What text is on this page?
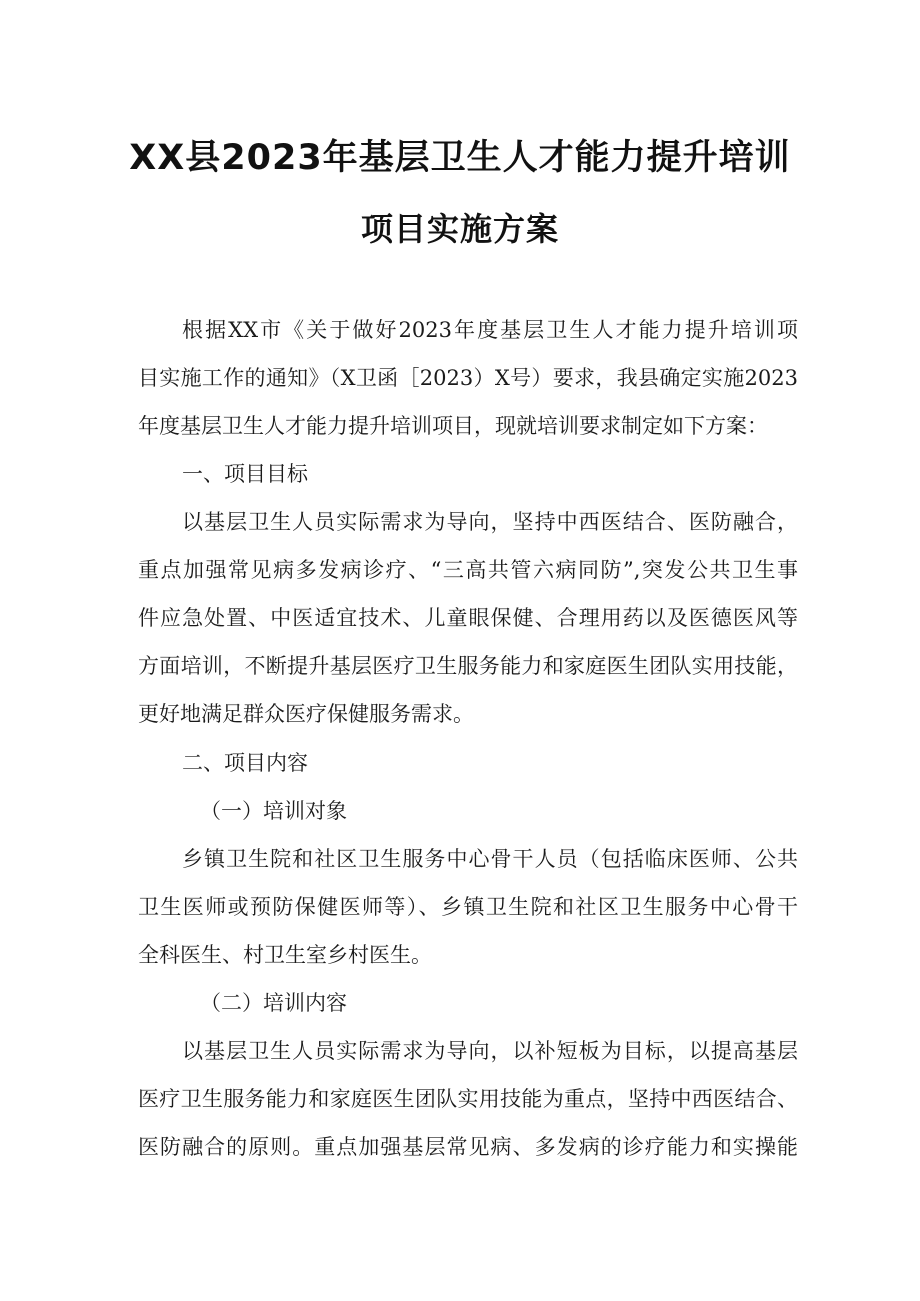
XX县2023年基层卫生人才能力提升培训
项目实施方案
根据XX市《关于做好2023年度基层卫生人才能力提升培训项
目实施工作的通知》（X卫函［2023）X号）要求，我县确定实施2023
年度基层卫生人才能力提升培训项目，现就培训要求制定如下方案：
一、项目目标
以基层卫生人员实际需求为导向，坚持中西医结合、医防融合，
重点加强常见病多发病诊疗、“三高共管六病同防”,突发公共卫生事
件应急处置、中医适宜技术、儿童眼保健、合理用药以及医德医风等
方面培训，不断提升基层医疗卫生服务能力和家庭医生团队实用技能，
更好地满足群众医疗保健服务需求。
二、项目内容
（一）培训对象
乡镇卫生院和社区卫生服务中心骨干人员（包括临床医师、公共
卫生医师或预防保健医师等）、乡镇卫生院和社区卫生服务中心骨干
全科医生、村卫生室乡村医生。
（二）培训内容
以基层卫生人员实际需求为导向，以补短板为目标，以提高基层
医疗卫生服务能力和家庭医生团队实用技能为重点，坚持中西医结合、
医防融合的原则。重点加强基层常见病、多发病的诊疗能力和实操能
